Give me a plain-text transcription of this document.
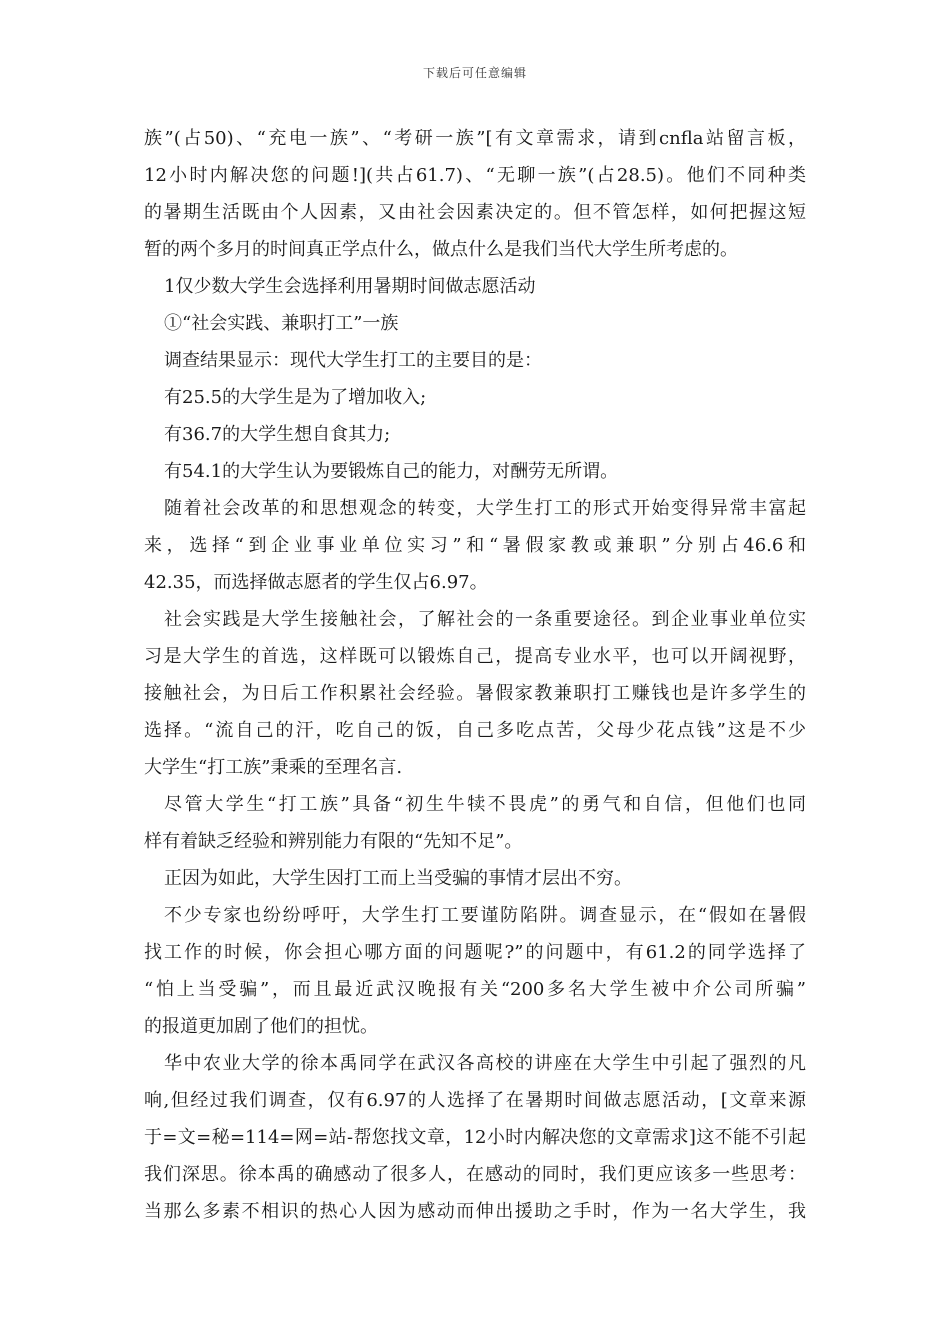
下载后可任意编辑
族”(占50)、“充电一族”、“考研一族”[有文章需求，请到cnfla站留言板，
12小时内解决您的问题!](共占61.7)、“无聊一族”(占28.5)。他们不同种类
的暑期生活既由个人因素，又由社会因素决定的。但不管怎样，如何把握这短
暂的两个多月的时间真正学点什么，做点什么是我们当代大学生所考虑的。
1仅少数大学生会选择利用暑期时间做志愿活动
①“社会实践、兼职打工”一族
调查结果显示：现代大学生打工的主要目的是：
有25.5的大学生是为了增加收入;
有36.7的大学生想自食其力;
有54.1的大学生认为要锻炼自己的能力，对酬劳无所谓。
随着社会改革的和思想观念的转变，大学生打工的形式开始变得异常丰富起
来，选择“到企业事业单位实习”和“暑假家教或兼职”分别占46.6和
42.35，而选择做志愿者的学生仅占6.97。
社会实践是大学生接触社会，了解社会的一条重要途径。到企业事业单位实
习是大学生的首选，这样既可以锻炼自己，提高专业水平，也可以开阔视野，
接触社会，为日后工作积累社会经验。暑假家教兼职打工赚钱也是许多学生的
选择。“流自己的汗，吃自己的饭，自己多吃点苦，父母少花点钱”这是不少
大学生“打工族”秉乘的至理名言.
尽管大学生“打工族”具备“初生牛犊不畏虎”的勇气和自信，但他们也同
样有着缺乏经验和辨别能力有限的“先知不足”。
正因为如此，大学生因打工而上当受骗的事情才层出不穷。
不少专家也纷纷呼吁，大学生打工要谨防陷阱。调查显示，在“假如在暑假
找工作的时候，你会担心哪方面的问题呢?”的问题中，有61.2的同学选择了
“怕上当受骗”，而且最近武汉晚报有关“200多名大学生被中介公司所骗”
的报道更加剧了他们的担忧。
华中农业大学的徐本禹同学在武汉各高校的讲座在大学生中引起了强烈的凡
响,但经过我们调查，仅有6.97的人选择了在暑期时间做志愿活动，[文章来源
于=文=秘=114=网=站-帮您找文章，12小时内解决您的文章需求]这不能不引起
我们深思。徐本禹的确感动了很多人，在感动的同时，我们更应该多一些思考：
当那么多素不相识的热心人因为感动而伸出援助之手时，作为一名大学生，我
